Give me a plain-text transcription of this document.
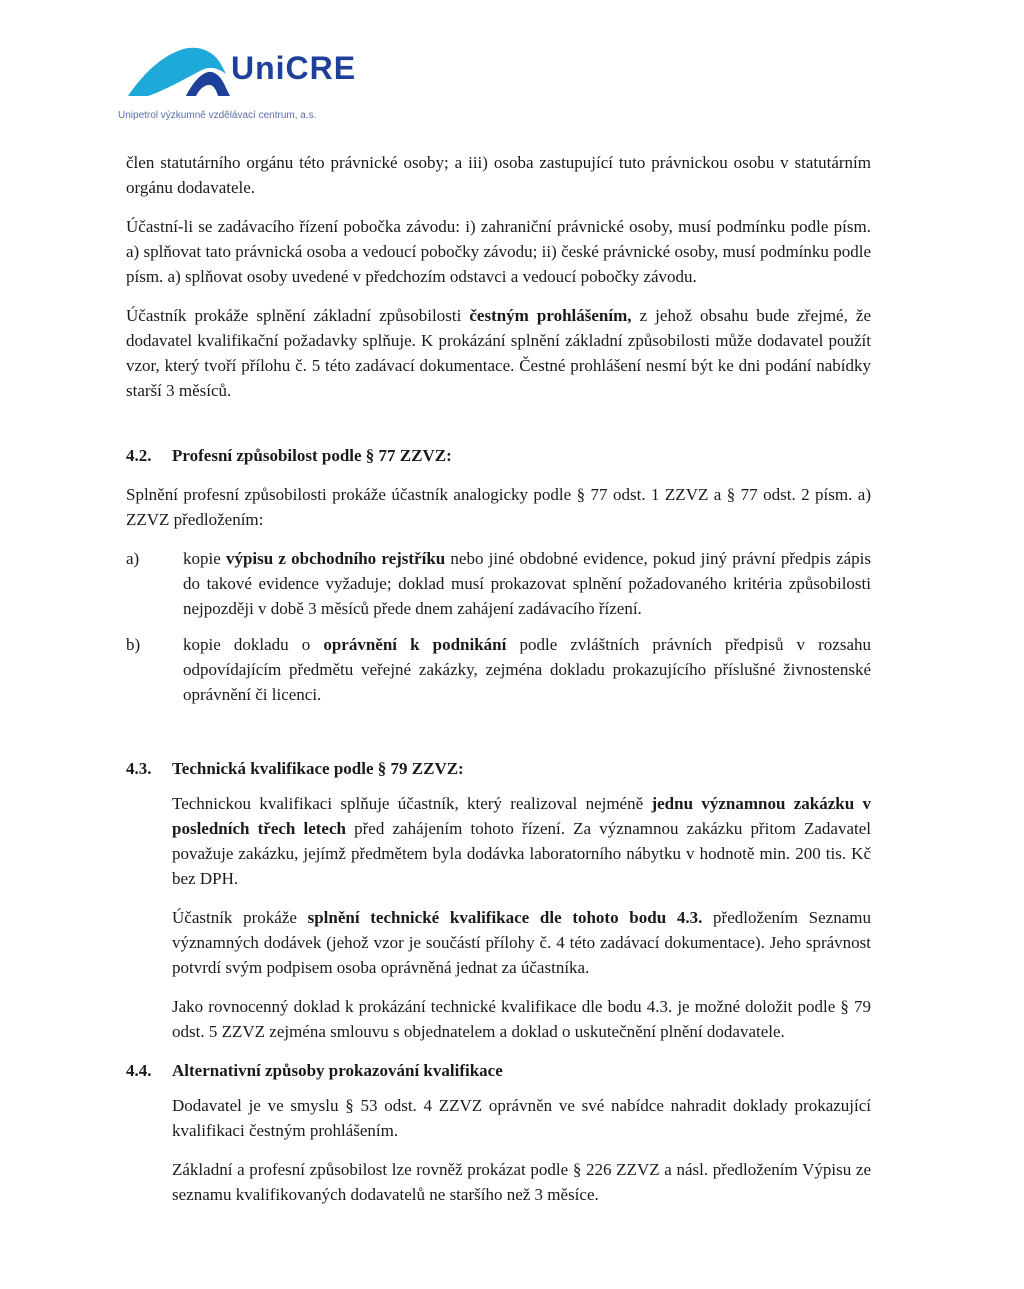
UniCRE
Unipetrol výzkumně vzdělávací centrum, a.s.

člen statutárního orgánu této právnické osoby; a iii) osoba zastupující tuto právnickou osobu v statutárním orgánu dodavatele.

Účastní-li se zadávacího řízení pobočka závodu: i) zahraniční právnické osoby, musí podmínku podle písm. a) splňovat tato právnická osoba a vedoucí pobočky závodu; ii) české právnické osoby, musí podmínku podle písm. a) splňovat osoby uvedené v předchozím odstavci a vedoucí pobočky závodu.

Účastník prokáže splnění základní způsobilosti čestným prohlášením, z jehož obsahu bude zřejmé, že dodavatel kvalifikační požadavky splňuje. K prokázání splnění základní způsobilosti může dodavatel použít vzor, který tvoří přílohu č. 5 této zadávací dokumentace. Čestné prohlášení nesmí být ke dni podání nabídky starší 3 měsíců.

4.2.	Profesní způsobilost podle § 77 ZZVZ:

Splnění profesní způsobilosti prokáže účastník analogicky podle § 77 odst. 1 ZZVZ a § 77 odst. 2 písm. a) ZZVZ předložením:

a)	kopie výpisu z obchodního rejstříku nebo jiné obdobné evidence, pokud jiný právní předpis zápis do takové evidence vyžaduje; doklad musí prokazovat splnění požadovaného kritéria způsobilosti nejpozději v době 3 měsíců přede dnem zahájení zadávacího řízení.

b)	kopie dokladu o oprávnění k podnikání podle zvláštních právních předpisů v rozsahu odpovídajícím předmětu veřejné zakázky, zejména dokladu prokazujícího příslušné živnostenské oprávnění či licenci.

4.3.	Technická kvalifikace podle § 79 ZZVZ:

Technickou kvalifikaci splňuje účastník, který realizoval nejméně jednu významnou zakázku v posledních třech letech před zahájením tohoto řízení. Za významnou zakázku přitom Zadavatel považuje zakázku, jejímž předmětem byla dodávka laboratorního nábytku v hodnotě min. 200 tis. Kč bez DPH.

Účastník prokáže splnění technické kvalifikace dle tohoto bodu 4.3. předložením Seznamu významných dodávek (jehož vzor je součástí přílohy č. 4 této zadávací dokumentace). Jeho správnost potvrdí svým podpisem osoba oprávněná jednat za účastníka.

Jako rovnocenný doklad k prokázání technické kvalifikace dle bodu 4.3. je možné doložit podle § 79 odst. 5 ZZVZ zejména smlouvu s objednatelem a doklad o uskutečnění plnění dodavatele.

4.4.	Alternativní způsoby prokazování kvalifikace

Dodavatel je ve smyslu § 53 odst. 4 ZZVZ oprávněn ve své nabídce nahradit doklady prokazující kvalifikaci čestným prohlášením.

Základní a profesní způsobilost lze rovněž prokázat podle § 226 ZZVZ a násl. předložením Výpisu ze seznamu kvalifikovaných dodavatelů ne staršího než 3 měsíce.
